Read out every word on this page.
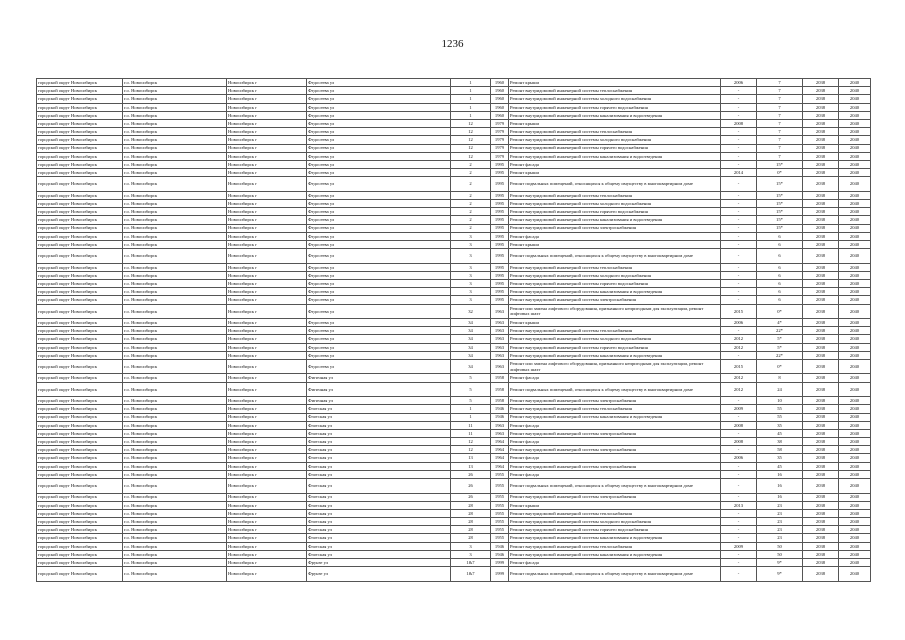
1236
городской округ Новосибирск	г.о. Новосибирск	Новосибирск г	Федосеева ул	1	1960	Ремонт крыши	2006	7	2038	2040
городской округ Новосибирск	г.о. Новосибирск	Новосибирск г	Федосеева ул	1	1960	Ремонт внутридомовой инженерной системы теплоснабжения	-	7	2038	2040
городской округ Новосибирск	г.о. Новосибирск	Новосибирск г	Федосеева ул	1	1960	Ремонт внутридомовой инженерной системы холодного водоснабжения	-	7	2038	2040
городской округ Новосибирск	г.о. Новосибирск	Новосибирск г	Федосеева ул	1	1960	Ремонт внутридомовой инженерной системы горячего водоснабжения	-	7	2038	2040
городской округ Новосибирск	г.о. Новосибирск	Новосибирск г	Федосеева ул	1	1960	Ремонт внутридомовой инженерной системы канализования и водоотведения	-	7	2038	2040
городской округ Новосибирск	г.о. Новосибирск	Новосибирск г	Федосеева ул	12	1979	Ремонт крыши	2008	7	2038	2040
городской округ Новосибирск	г.о. Новосибирск	Новосибирск г	Федосеева ул	12	1979	Ремонт внутридомовой инженерной системы теплоснабжения	-	7	2038	2040
городской округ Новосибирск	г.о. Новосибирск	Новосибирск г	Федосеева ул	12	1979	Ремонт внутридомовой инженерной системы холодного водоснабжения	-	7	2038	2040
городской округ Новосибирск	г.о. Новосибирск	Новосибирск г	Федосеева ул	12	1979	Ремонт внутридомовой инженерной системы горячего водоснабжения	-	7	2038	2040
городской округ Новосибирск	г.о. Новосибирск	Новосибирск г	Федосеева ул	12	1979	Ремонт внутридомовой инженерной системы канализования и водоотведения	-	7	2038	2040
городской округ Новосибирск	г.о. Новосибирск	Новосибирск г	Федосеева ул	2	1995	Ремонт фасада	-	15*	2038	2040
городской округ Новосибирск	г.о. Новосибирск	Новосибирск г	Федосеева ул	2	1995	Ремонт крыши	2014	0*	2038	2040
городской округ Новосибирск	г.о. Новосибирск	Новосибирск г	Федосеева ул	2	1995	Ремонт подвальных помещений, относящихся к общему имуществу в многоквартирном доме	-	15*	2038	2040
городской округ Новосибирск	г.о. Новосибирск	Новосибирск г	Федосеева ул	2	1995	Ремонт внутридомовой инженерной системы теплоснабжения	-	15*	2038	2040
городской округ Новосибирск	г.о. Новосибирск	Новосибирск г	Федосеева ул	2	1995	Ремонт внутридомовой инженерной системы холодного водоснабжения	-	15*	2038	2040
городской округ Новосибирск	г.о. Новосибирск	Новосибирск г	Федосеева ул	2	1995	Ремонт внутридомовой инженерной системы горячего водоснабжения	-	15*	2038	2040
городской округ Новосибирск	г.о. Новосибирск	Новосибирск г	Федосеева ул	2	1995	Ремонт внутридомовой инженерной системы канализования и водоотведения	-	15*	2038	2040
городской округ Новосибирск	г.о. Новосибирск	Новосибирск г	Федосеева ул	2	1995	Ремонт внутридомовой инженерной системы электроснабжения	-	15*	2038	2040
городской округ Новосибирск	г.о. Новосибирск	Новосибирск г	Федосеева ул	3	1995	Ремонт фасада	-	6	2038	2040
городской округ Новосибирск	г.о. Новосибирск	Новосибирск г	Федосеева ул	3	1995	Ремонт крыши	-	6	2038	2040
городской округ Новосибирск	г.о. Новосибирск	Новосибирск г	Федосеева ул	3	1995	Ремонт подвальных помещений, относящихся к общему имуществу в многоквартирном доме	-	6	2038	2040
городской округ Новосибирск	г.о. Новосибирск	Новосибирск г	Федосеева ул	3	1995	Ремонт внутридомовой инженерной системы теплоснабжения	-	6	2038	2040
городской округ Новосибирск	г.о. Новосибирск	Новосибирск г	Федосеева ул	3	1995	Ремонт внутридомовой инженерной системы холодного водоснабжения	-	6	2038	2040
городской округ Новосибирск	г.о. Новосибирск	Новосибирск г	Федосеева ул	3	1995	Ремонт внутридомовой инженерной системы горячего водоснабжения	-	6	2038	2040
городской округ Новосибирск	г.о. Новосибирск	Новосибирск г	Федосеева ул	3	1995	Ремонт внутридомовой инженерной системы канализования и водоотведения	-	6	2038	2040
городской округ Новосибирск	г.о. Новосибирск	Новосибирск г	Федосеева ул	3	1995	Ремонт внутридомовой инженерной системы электроснабжения	-	6	2038	2040
городской округ Новосибирск	г.о. Новосибирск	Новосибирск г	Федосеева ул	32	1963	Ремонт или замена лифтового оборудования, признанного непригодным для эксплуатации, ремонт лифтовых шахт	2015	0*	2038	2040
городской округ Новосибирск	г.о. Новосибирск	Новосибирск г	Федосеева ул	34	1963	Ремонт крыши	2006	4*	2038	2040
городской округ Новосибирск	г.о. Новосибирск	Новосибирск г	Федосеева ул	34	1963	Ремонт внутридомовой инженерной системы теплоснабжения	-	22*	2038	2040
городской округ Новосибирск	г.о. Новосибирск	Новосибирск г	Федосеева ул	34	1963	Ремонт внутридомовой инженерной системы холодного водоснабжения	2012	5*	2038	2040
городской округ Новосибирск	г.о. Новосибирск	Новосибирск г	Федосеева ул	34	1963	Ремонт внутридомовой инженерной системы горячего водоснабжения	2012	5*	2038	2040
городской округ Новосибирск	г.о. Новосибирск	Новосибирск г	Федосеева ул	34	1963	Ремонт внутридомовой инженерной системы канализования и водоотведения	-	22*	2038	2040
городской округ Новосибирск	г.о. Новосибирск	Новосибирск г	Федосеева ул	34	1963	Ремонт или замена лифтового оборудования, признанного непригодным для эксплуатации, ремонт лифтовых шахт	2015	0*	2038	2040
городской округ Новосибирск	г.о. Новосибирск	Новосибирск г	Фигичная ул	5	1958	Ремонт фасада	2012	8	2038	2040
городской округ Новосибирск	г.о. Новосибирск	Новосибирск г	Фигичная ул	5	1958	Ремонт подвальных помещений, относящихся к общему имуществу в многоквартирном доме	2012	24	2038	2040
городской округ Новосибирск	г.о. Новосибирск	Новосибирск г	Фигичная ул	5	1958	Ремонт внутридомовой инженерной системы электроснабжения	-	10	2038	2040
городской округ Новосибирск	г.о. Новосибирск	Новосибирск г	Флотская ул	1	1946	Ремонт внутридомовой инженерной системы теплоснабжения	2009	55	2038	2040
городской округ Новосибирск	г.о. Новосибирск	Новосибирск г	Флотская ул	1	1946	Ремонт внутридомовой инженерной системы канализования и водоотведения	-	55	2038	2040
городской округ Новосибирск	г.о. Новосибирск	Новосибирск г	Флотская ул	11	1963	Ремонт фасада	2008	35	2038	2040
городской округ Новосибирск	г.о. Новосибирск	Новосибирск г	Флотская ул	11	1963	Ремонт внутридомовой инженерной системы электроснабжения	-	45	2038	2040
городской округ Новосибирск	г.о. Новосибирск	Новосибирск г	Флотская ул	12	1964	Ремонт фасада	2008	38	2038	2040
городской округ Новосибирск	г.о. Новосибирск	Новосибирск г	Флотская ул	12	1964	Ремонт внутридомовой инженерной системы электроснабжения	-	58	2038	2040
городской округ Новосибирск	г.о. Новосибирск	Новосибирск г	Флотская ул	13	1964	Ремонт фасада	2006	35	2038	2040
городской округ Новосибирск	г.о. Новосибирск	Новосибирск г	Флотская ул	13	1964	Ремонт внутридомовой инженерной системы электроснабжения	-	45	2038	2040
городской округ Новосибирск	г.о. Новосибирск	Новосибирск г	Флотская ул	26	1955	Ремонт фасада	-	16	2038	2040
городской округ Новосибирск	г.о. Новосибирск	Новосибирск г	Флотская ул	26	1955	Ремонт подвальных помещений, относящихся к общему имуществу в многоквартирном доме	-	16	2038	2040
городской округ Новосибирск	г.о. Новосибирск	Новосибирск г	Флотская ул	26	1955	Ремонт внутридомовой инженерной системы электроснабжения	-	16	2038	2040
городской округ Новосибирск	г.о. Новосибирск	Новосибирск г	Флотская ул	28	1955	Ремонт крыши	2013	23	2038	2040
городской округ Новосибирск	г.о. Новосибирск	Новосибирск г	Флотская ул	28	1955	Ремонт внутридомовой инженерной системы теплоснабжения	-	23	2038	2040
городской округ Новосибирск	г.о. Новосибирск	Новосибирск г	Флотская ул	28	1955	Ремонт внутридомовой инженерной системы холодного водоснабжения	-	23	2038	2040
городской округ Новосибирск	г.о. Новосибирск	Новосибирск г	Флотская ул	28	1955	Ремонт внутридомовой инженерной системы горячего водоснабжения	-	23	2038	2040
городской округ Новосибирск	г.о. Новосибирск	Новосибирск г	Флотская ул	28	1955	Ремонт внутридомовой инженерной системы канализования и водоотведения	-	23	2038	2040
городской округ Новосибирск	г.о. Новосибирск	Новосибирск г	Флотская ул	3	1946	Ремонт внутридомовой инженерной системы теплоснабжения	2009	50	2038	2040
городской округ Новосибирск	г.о. Новосибирск	Новосибирск г	Флотская ул	3	1946	Ремонт внутридомовой инженерной системы канализования и водоотведения	-	50	2038	2040
городской округ Новосибирск	г.о. Новосибирск	Новосибирск г	Фрунзе ул	1&7	1999	Ремонт фасада	-	9*	2038	2040
городской округ Новосибирск	г.о. Новосибирск	Новосибирск г	Фрунзе ул	1&7	1999	Ремонт подвальных помещений, относящихся к общему имуществу в многоквартирном доме	-	9*	2038	2040
